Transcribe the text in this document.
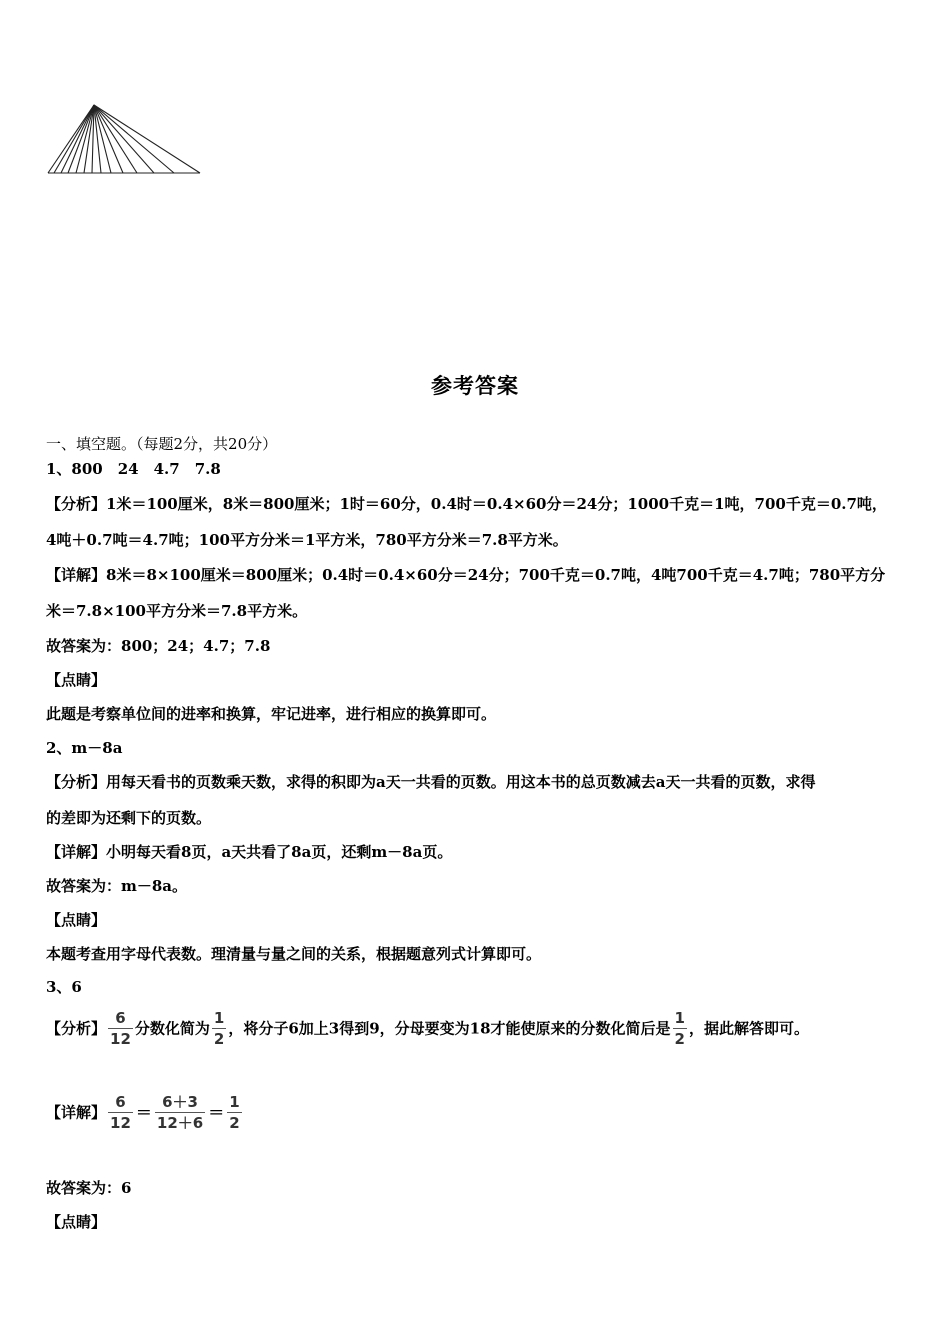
参考答案
一、填空题。（每题2分，共20分）
1、800　24　4.7　7.8
【分析】1米＝100厘米，8米＝800厘米；1时＝60分，0.4时＝0.4×60分＝24分；1000千克＝1吨，700千克＝0.7吨，
4吨＋0.7吨＝4.7吨；100平方分米＝1平方米，780平方分米＝7.8平方米。
【详解】8米＝8×100厘米＝800厘米；0.4时＝0.4×60分＝24分；700千克＝0.7吨，4吨700千克＝4.7吨；780平方分
米＝7.8×100平方分米＝7.8平方米。
故答案为：800；24；4.7；7.8
【点睛】
此题是考察单位间的进率和换算，牢记进率，进行相应的换算即可。
2、m－8a
【分析】用每天看书的页数乘天数，求得的积即为a天一共看的页数。用这本书的总页数减去a天一共看的页数，求得
的差即为还剩下的页数。
【详解】小明每天看8页，a天共看了8a页，还剩m－8a页。
故答案为：m－8a。
【点睛】
本题考查用字母代表数。理清量与量之间的关系，根据题意列式计算即可。
3、6
【分析】 $\frac{6}{12}$ 分数化简为 $\frac{1}{2}$ ，将分子6加上3得到9，分母要变为18才能使原来的分数化简后是 $\frac{1}{2}$ ，据此解答即可。
【详解】 $\frac{6}{12} = \frac{6+3}{12+6} = \frac{1}{2}$
故答案为：6
【点睛】
